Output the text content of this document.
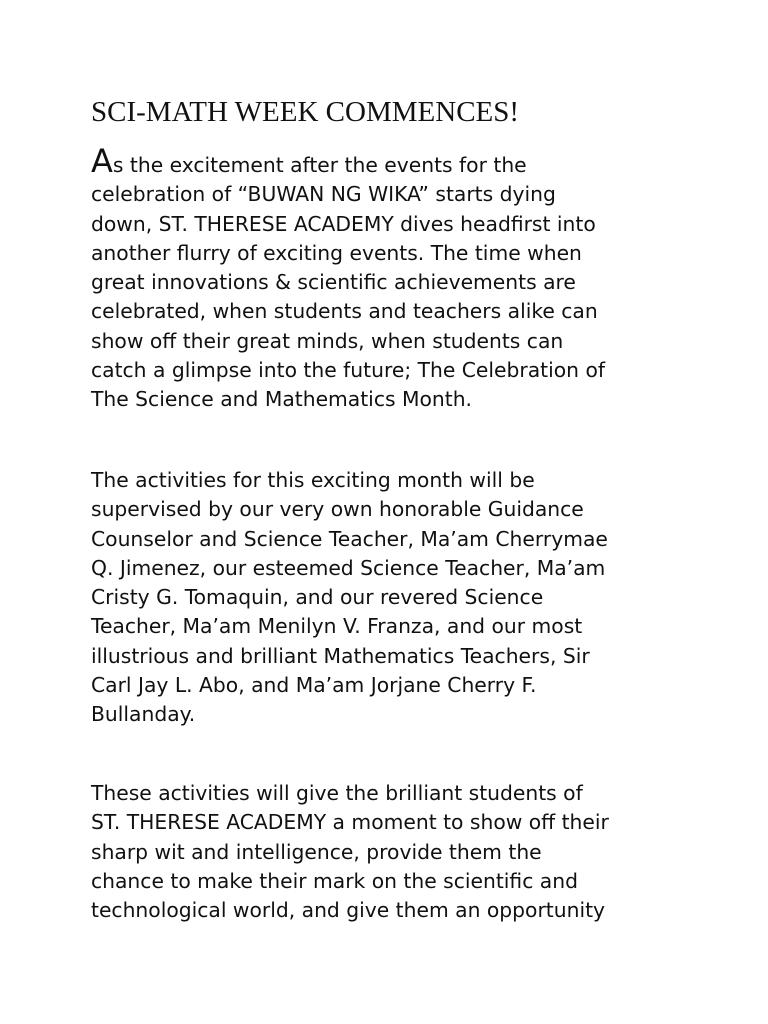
SCI-MATH WEEK COMMENCES!

As the excitement after the events for the
celebration of “BUWAN NG WIKA” starts dying
down, ST. THERESE ACADEMY dives headfirst into
another flurry of exciting events. The time when
great innovations & scientific achievements are
celebrated, when students and teachers alike can
show off their great minds, when students can
catch a glimpse into the future; The Celebration of
The Science and Mathematics Month.

The activities for this exciting month will be
supervised by our very own honorable Guidance
Counselor and Science Teacher, Ma’am Cherrymae
Q. Jimenez, our esteemed Science Teacher, Ma’am
Cristy G. Tomaquin, and our revered Science
Teacher, Ma’am Menilyn V. Franza, and our most
illustrious and brilliant Mathematics Teachers, Sir
Carl Jay L. Abo, and Ma’am Jorjane Cherry F.
Bullanday.

These activities will give the brilliant students of
ST. THERESE ACADEMY a moment to show off their
sharp wit and intelligence, provide them the
chance to make their mark on the scientific and
technological world, and give them an opportunity
